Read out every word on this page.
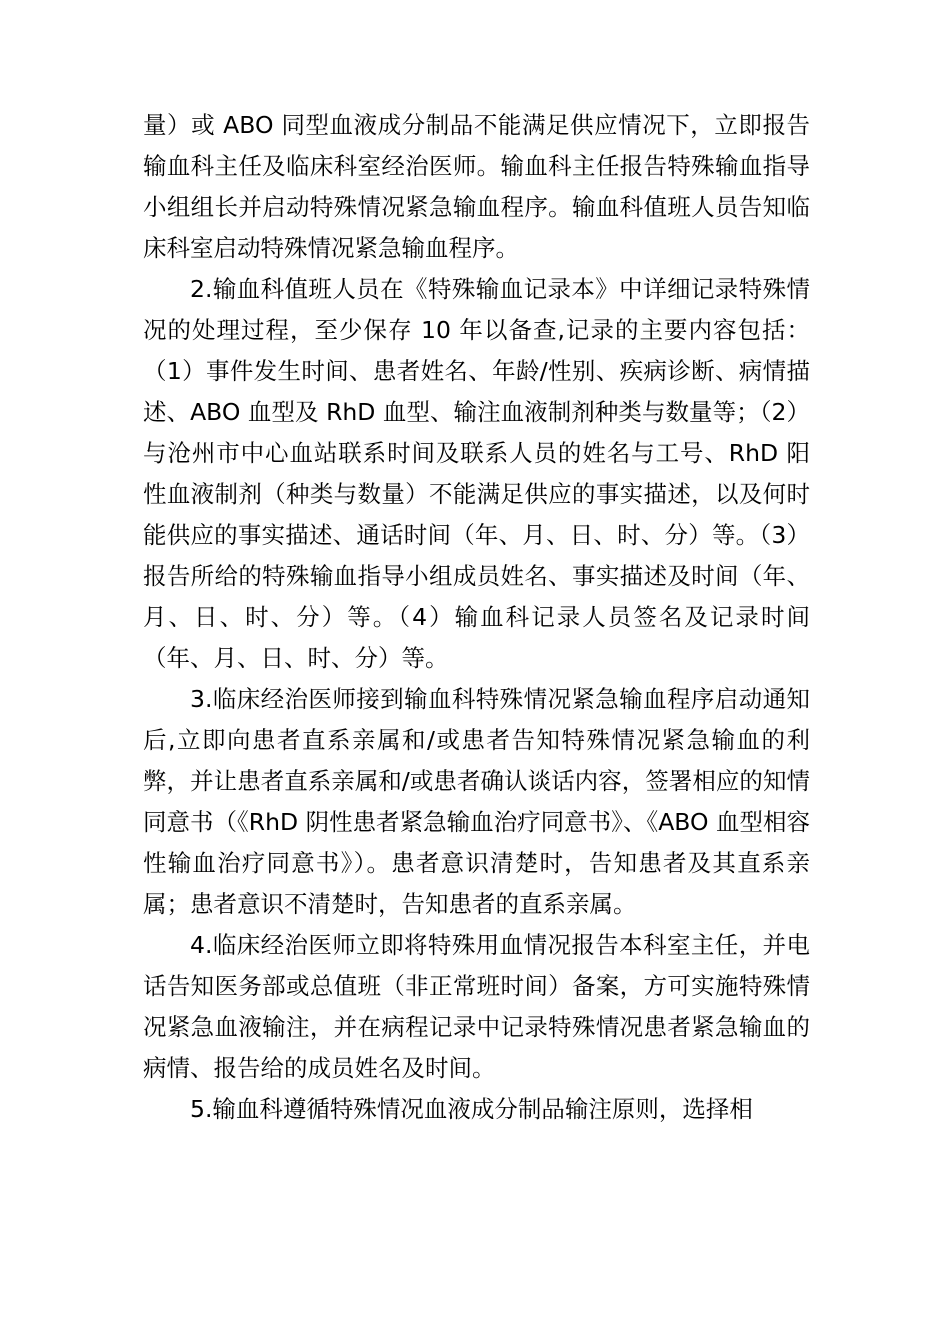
量）或 ABO 同型血液成分制品不能满足供应情况下，立即报告输血科主任及临床科室经治医师。输血科主任报告特殊输血指导小组组长并启动特殊情况紧急输血程序。输血科值班人员告知临床科室启动特殊情况紧急输血程序。

2.输血科值班人员在《特殊输血记录本》中详细记录特殊情况的处理过程，至少保存 10 年以备查,记录的主要内容包括：（1）事件发生时间、患者姓名、年龄/性别、疾病诊断、病情描述、ABO 血型及 RhD 血型、输注血液制剂种类与数量等；（2）与沧州市中心血站联系时间及联系人员的姓名与工号、RhD 阳性血液制剂（种类与数量）不能满足供应的事实描述，以及何时能供应的事实描述、通话时间（年、月、日、时、分）等。（3）报告所给的特殊输血指导小组成员姓名、事实描述及时间（年、月、日、时、分）等。（4）输血科记录人员签名及记录时间（年、月、日、时、分）等。

3.临床经治医师接到输血科特殊情况紧急输血程序启动通知后,立即向患者直系亲属和/或患者告知特殊情况紧急输血的利弊，并让患者直系亲属和/或患者确认谈话内容，签署相应的知情同意书（《RhD 阴性患者紧急输血治疗同意书》、《ABO 血型相容性输血治疗同意书》）。患者意识清楚时，告知患者及其直系亲属；患者意识不清楚时，告知患者的直系亲属。

4.临床经治医师立即将特殊用血情况报告本科室主任，并电话告知医务部或总值班（非正常班时间）备案，方可实施特殊情况紧急血液输注，并在病程记录中记录特殊情况患者紧急输血的病情、报告给的成员姓名及时间。

5.输血科遵循特殊情况血液成分制品输注原则，选择相
